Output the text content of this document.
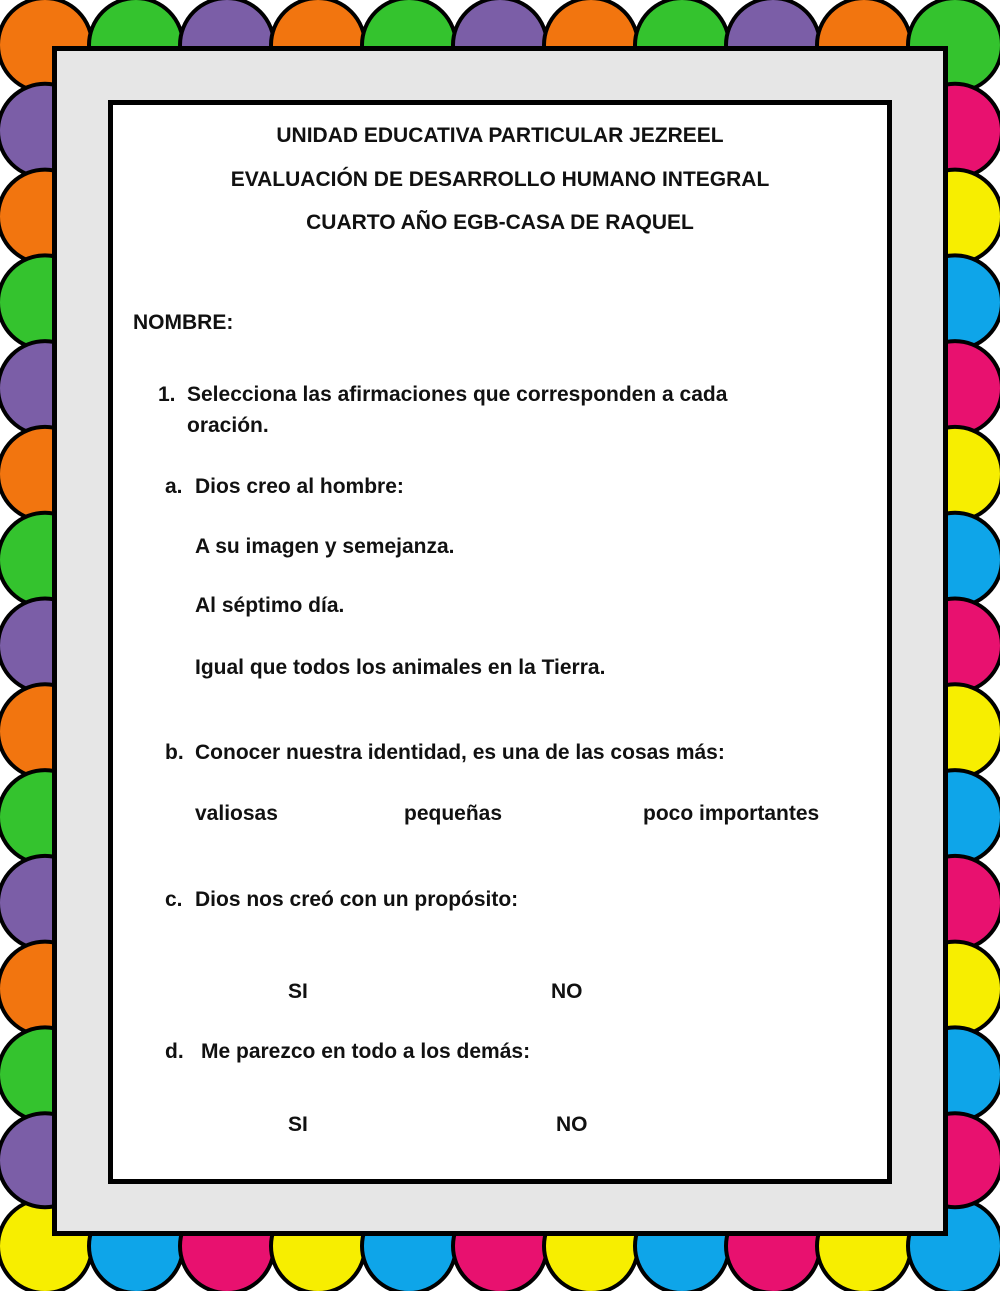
UNIDAD EDUCATIVA PARTICULAR JEZREEL
EVALUACIÓN DE DESARROLLO HUMANO INTEGRAL
CUARTO AÑO EGB-CASA DE RAQUEL
NOMBRE:
1. Selecciona las afirmaciones que corresponden a cada
oración.
a. Dios creo al hombre:
A su imagen y semejanza.
Al séptimo día.
Igual que todos los animales en la Tierra.
b. Conocer nuestra identidad, es una de las cosas más:
valiosas	pequeñas	poco importantes
c. Dios nos creó con un propósito:
SI	NO
d. Me parezco en todo a los demás:
SI	NO
